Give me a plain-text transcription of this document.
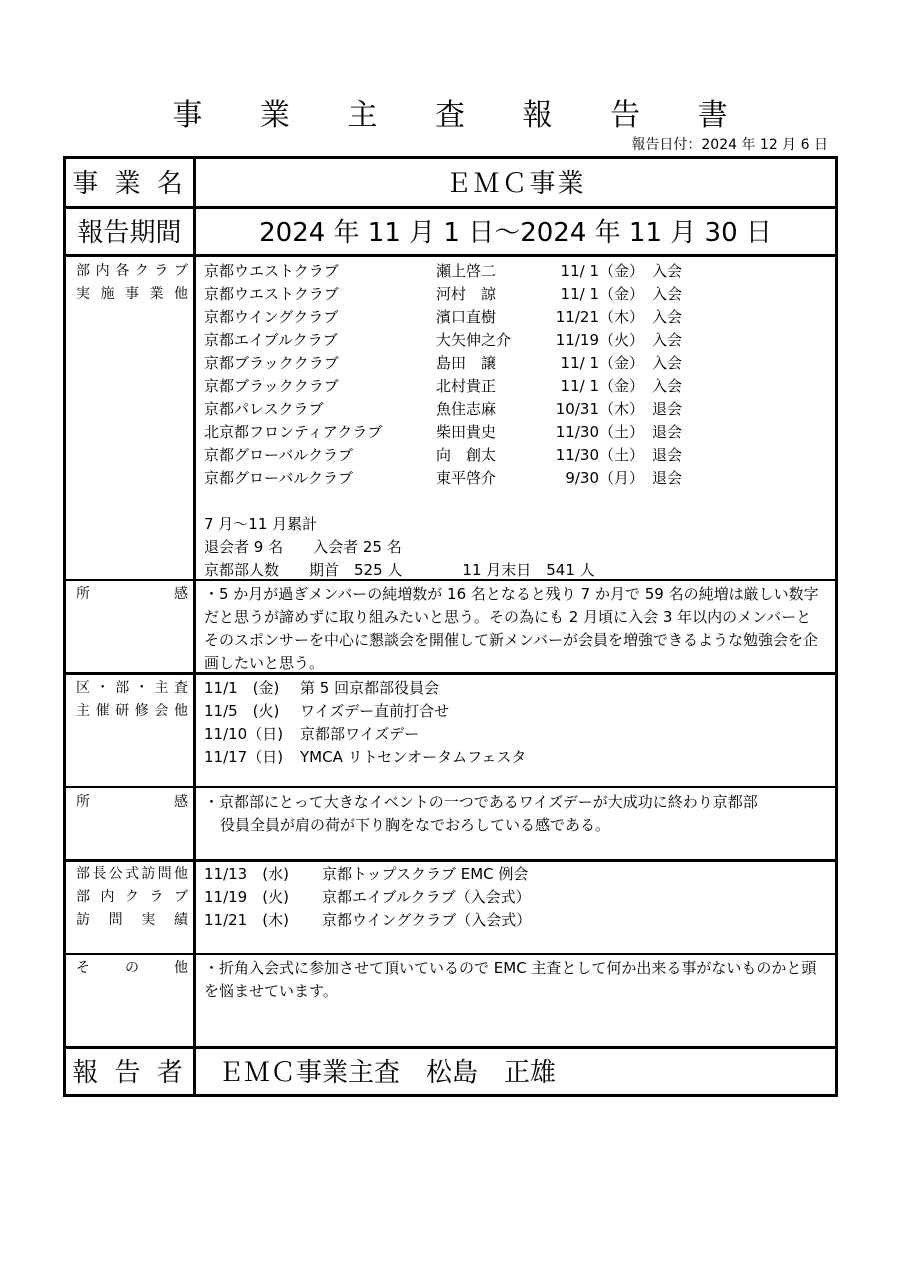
事 業 主 査 報 告 書
報告日付：2024 年 12 月 6 日
事 業 名	ＥＭＣ事業
報告期間	2024 年 11 月 1 日～2024 年 11 月 30 日
部 内 各 ク ラ ブ
実 施 事 業 他
京都ウエストクラブ	瀬上啓二	11/ 1（金） 入会
京都ウエストクラブ	河村　諒	11/ 1（金） 入会
京都ウイングクラブ	濱口直樹	11/21（木） 入会
京都エイブルクラブ	大矢伸之介	11/19（火） 入会
京都ブラッククラブ	島田　譲	11/ 1（金） 入会
京都ブラッククラブ	北村貴正	11/ 1（金） 入会
京都パレスクラブ	魚住志麻	10/31（木） 退会
北京都フロンティアクラブ	柴田貴史	11/30（土） 退会
京都グローバルクラブ	向　創太	11/30（土） 退会
京都グローバルクラブ	東平啓介	9/30（月） 退会
7 月～11 月累計
退会者 9 名　　入会者 25 名
京都部人数　　期首　525 人　　　　11 月末日　541 人
所	感 ・5 か月が過ぎメンバーの純増数が 16 名となると残り 7 か月で 59 名の純増は厳しい数字だと思うが諦めずに取り組みたいと思う。その為にも 2 月頃に入会 3 年以内のメンバーとそのスポンサーを中心に懇談会を開催して新メンバーが会員を増強できるような勉強会を企画したいと思う。
区 ・ 部 ・ 主 査
主 催 研 修 会 他
11/1　(金)	第 5 回京都部役員会
11/5　(火)	ワイズデー直前打合せ
11/10（日)	京都部ワイズデー
11/17（日)	YMCA リトセンオータムフェスタ
所	感 ・京都部にとって大きなイベントの一つであるワイズデーが大成功に終わり京都部
役員全員が肩の荷が下り胸をなでおろしている感である。
部 長 公 式 訪 問 他
部 内 ク ラ ブ
訪 問 実 績
11/13　(水)	京都トップスクラブ EMC 例会
11/19　(火)	京都エイブルクラブ（入会式）
11/21　(木)	京都ウイングクラブ（入会式）
そ	の	他 ・折角入会式に参加させて頂いているので EMC 主査として何か出来る事がないものかと頭を悩ませています。
報 告 者 ＥＭＣ事業主査　松島　正雄
